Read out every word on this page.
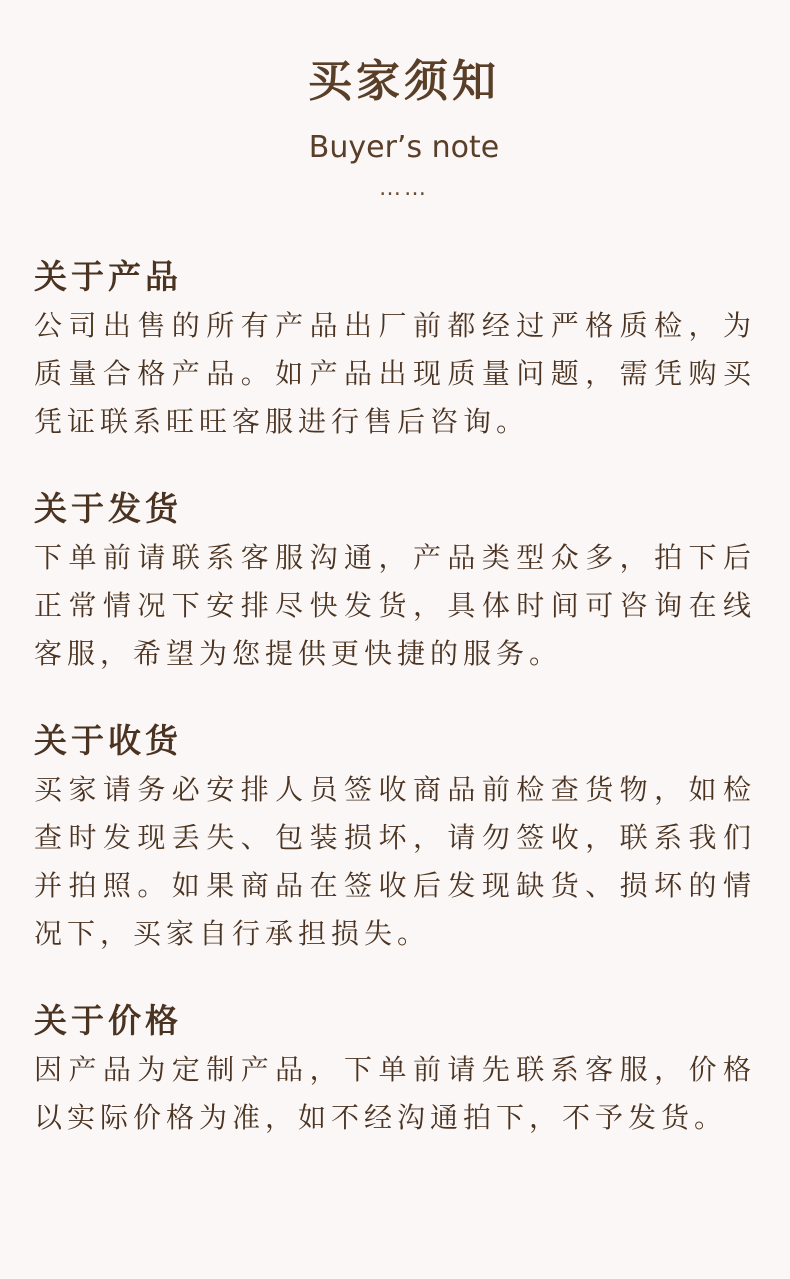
买家须知
Buyer’s note
……
关于产品

公司出售的所有产品出厂前都经过严格质检，为质量合格产品。如产品出现质量问题，需凭购买凭证联系旺旺客服进行售后咨询。

关于发货

下单前请联系客服沟通，产品类型众多，拍下后正常情况下安排尽快发货，具体时间可咨询在线客服，希望为您提供更快捷的服务。

关于收货

买家请务必安排人员签收商品前检查货物，如检查时发现丢失、包装损坏，请勿签收，联系我们并拍照。如果商品在签收后发现缺货、损坏的情况下，买家自行承担损失。

关于价格

因产品为定制产品，下单前请先联系客服，价格以实际价格为准，如不经沟通拍下，不予发货。
